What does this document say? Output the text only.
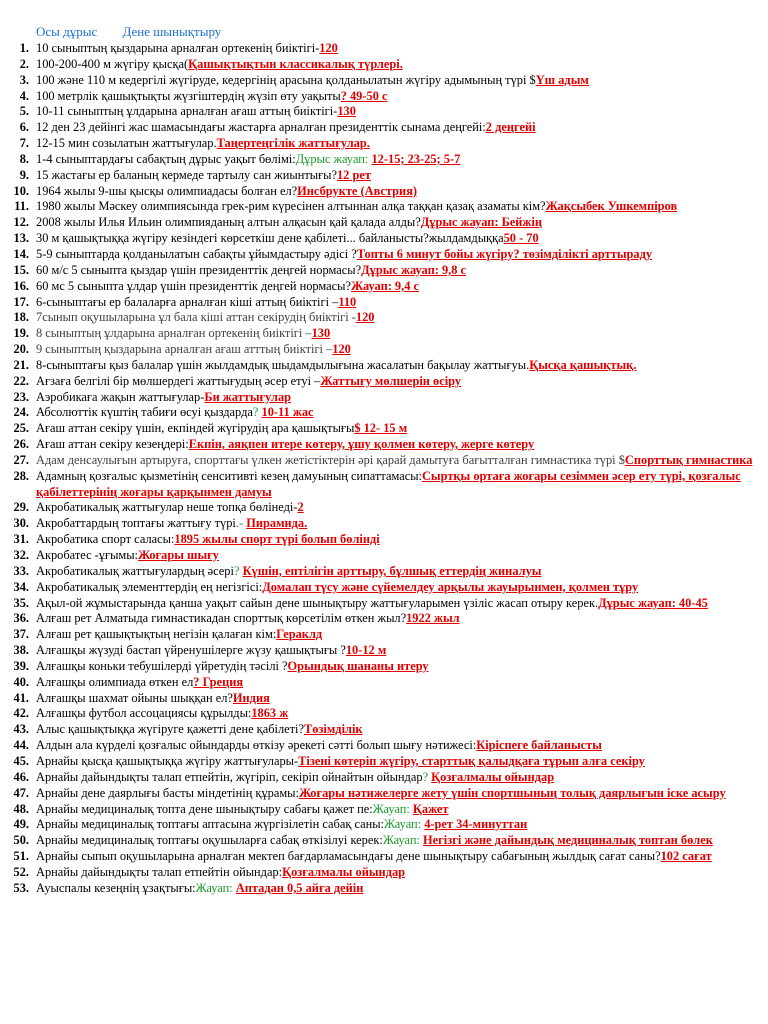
Осы дұрыс Дене шынықтыру
1. 10 сыныптың қыздарына арналған ортекенің биіктігі-120
2. 100-200-400 м жүгіру қысқа(Қашықтықтын классикалық түрлері.
3. 100 және 110 м кедергілі жүгіруде, кедергінің арасына қолданылатын жүгіру адымының түрі $Үш адым
4. 100 метрлік қашықтықты жүзгіштердің жүзіп өту уақыты? 49-50 с
5. 10-11 сыныптың ұлдарына арналған ағаш аттың биіктігі-130
6. 12 ден 23 дейінгі жас шамасындағы жастарға арналған президенттік сынама деңгейі:2 деңгейі
7. 12-15 мин созылатын жаттығулар.Таңертеңгілік жаттығулар.
8. 1-4 сыныптардағы сабақтың дұрыс уақыт бөлімі:Дұрыс жауап: 12-15; 23-25; 5-7
9. 15 жастағы ер баланың кермеде тартылу сан жиынтығы?12 рет
10. 1964 жылы 9-шы қысқы олимпиадасы болған ел?Инсбрукте (Австрия)
11. 1980 жылы Мәскеу олимпиясында грек-рим күресінен алтыннан алқа таққан қазақ азаматы кім?Жақсыбек Ушкемпіров
12. 2008 жылы Илья Ильин олимпияданың алтын алқасын қай қалада алды?Дұрыс жауап: Бейжің
13. 30 м қашықтыққа жүгіру кезіндегі көрсеткіш дене қабілеті... байланысты?жылдамдыққа50 - 70
14. 5-9 сыныптарда қолданылатын сабақты ұйымдастыру әдісі ?Топты 6 минут бойы жүгіру? төзімділікті арттыраду
15. 60 м/с 5 сыныпта қыздар үшін президенттік деңгей нормасы?Дұрыс жауап: 9,8 с
16. 60 мс 5 сыныпта ұлдар үшін президенттік деңгей нормасы?Жауап: 9,4 с
17. 6-сыныптағы ер балаларға арналған кіші аттың биіктігі –110
18. 7сынып оқушыларына ұл бала кіші аттан секірудің биіктігі -120
19. 8 сыныптың ұлдарына арналған ортекенің биіктігі –130
20. 9 сыныптың қыздарына арналған ағаш атттың биіктігі –120
21. 8-сыныптағы қыз балалар үшін жылдамдық шыдамдылығына жасалатын бақылау жаттығуы.Қысқа қашықтық.
22. Ағзаға белгілі бір мөлшердегі жаттығудың әсер етуі –Жаттығу мөлшерін өсіру
23. Аэробикаға жақын жаттығулар-Би жаттығулар
24. Абсолюттік күштің табиғи өсуі қыздарда? 10-11 жас
25. Ағаш аттан секіру үшін, екпіндей жүгірудің ара қашықтығы$ 12- 15 м
26. Ағаш аттан секіру кезеңдері:Екпін, аяқпен итере көтеру, ұшу қолмен көтеру, жерге көтеру
27. Адам денсаулығын артыруға, спорттағы үлкен жетістіктерін әрі қарай дамытуға бағытталған гимнастика түрі $Спорттық гимнастика
28. Адамның қозғалыс қызметінің сенситивті кезең дамуының сипаттамасы:Сыртқы ортаға жоғары сезіммен әсер ету түрі, қозғалыс қабілеттерінің жоғары қарқынмен дамуы
29. Акробатикалық жаттығулар неше топқа бөлінеді-2
30. Акробаттардың топтағы жаттығу түрі.- Пирамида.
31. Акробатика спорт саласы:1895 жылы спорт түрі болып бөлінді
32. Акробатес -ұғымы:Жоғары шығу
33. Акробатикалық жаттығулардың әсері? Күшін, ептілігін арттыру, бұлшық еттердің жиналуы
34. Акробатикалық элементтердің ең негізгісі:Домалап түсу және сүйемелдеу арқылы жауырынмен, қолмен тұру
35. Ақыл-ой жұмыстарында қанша уақыт сайын дене шынықтыру жаттығуларымен үзіліс жасап отыру керек.Дұрыс жауап: 40-45
36. Алғаш рет Алматыда гимнастикадан спорттық көрсетілім өткен жыл?1922 жыл
37. Алғаш рет қашықтықтың негізін қалаған кім:Гераклд
38. Алғашқы жүзуді бастап үйренушілерге жүзу қашықтығы ?10-12 м
39. Алғашқы коньки тебушілерді үйретудің тәсілі ?Орындық шананы итеру
40. Алғашқы олимпиада өткен ел? Греция
41. Алғашқы шахмат ойыны шыққан ел?Индия
42. Алғашқы футбол ассоцациясы құрылды:1863 ж
43. Алыс қашықтыққа жүгіруге қажетті дене қабілеті?Төзімділік
44. Алдын ала күрделі қозғалыс ойындарды өткізу әрекеті сәтті болып шығу нәтижесі:Кіріспеге байланысты
45. Арнайы қысқа қашықтыққа жүгіру жаттығулары-Тізені көтеріп жүгіру, старттық қалыдқаға тұрып алға секіру
46. Арнайы дайындықты талап етпейтін, жүгіріп, секіріп ойнайтын ойындар? Қозғалмалы ойындар
47. Арнайы дене даярлығы басты міндетінің құрамы:Жоғары нәтижелерге жету үшін спортшының толық даярлығын іске асыру
48. Арнайы медициналық топта дене шынықтыру сабағы қажет пе:Жауап: Қажет
49. Арнайы медициналық топтағы аптасына жүргізілетін сабақ саны:Жауап: 4-рет 34-минуттан
50. Арнайы медициналық топтағы оқушыларға сабақ өткізілуі керек:Жауап: Негізгі және дайындық медициналық топтан бөлек
51. Арнайы сыпып оқушыларына арналған мектеп бағдарламасындағы дене шынықтыру сабағының жылдық сағат саны?102 сағат
52. Арнайы дайындықты талап етпейтін ойындар:Қозғалмалы ойындар
53. Ауыспалы кезеңнің ұзақтығы:Жауап: Аптадан 0,5 айға дейін
